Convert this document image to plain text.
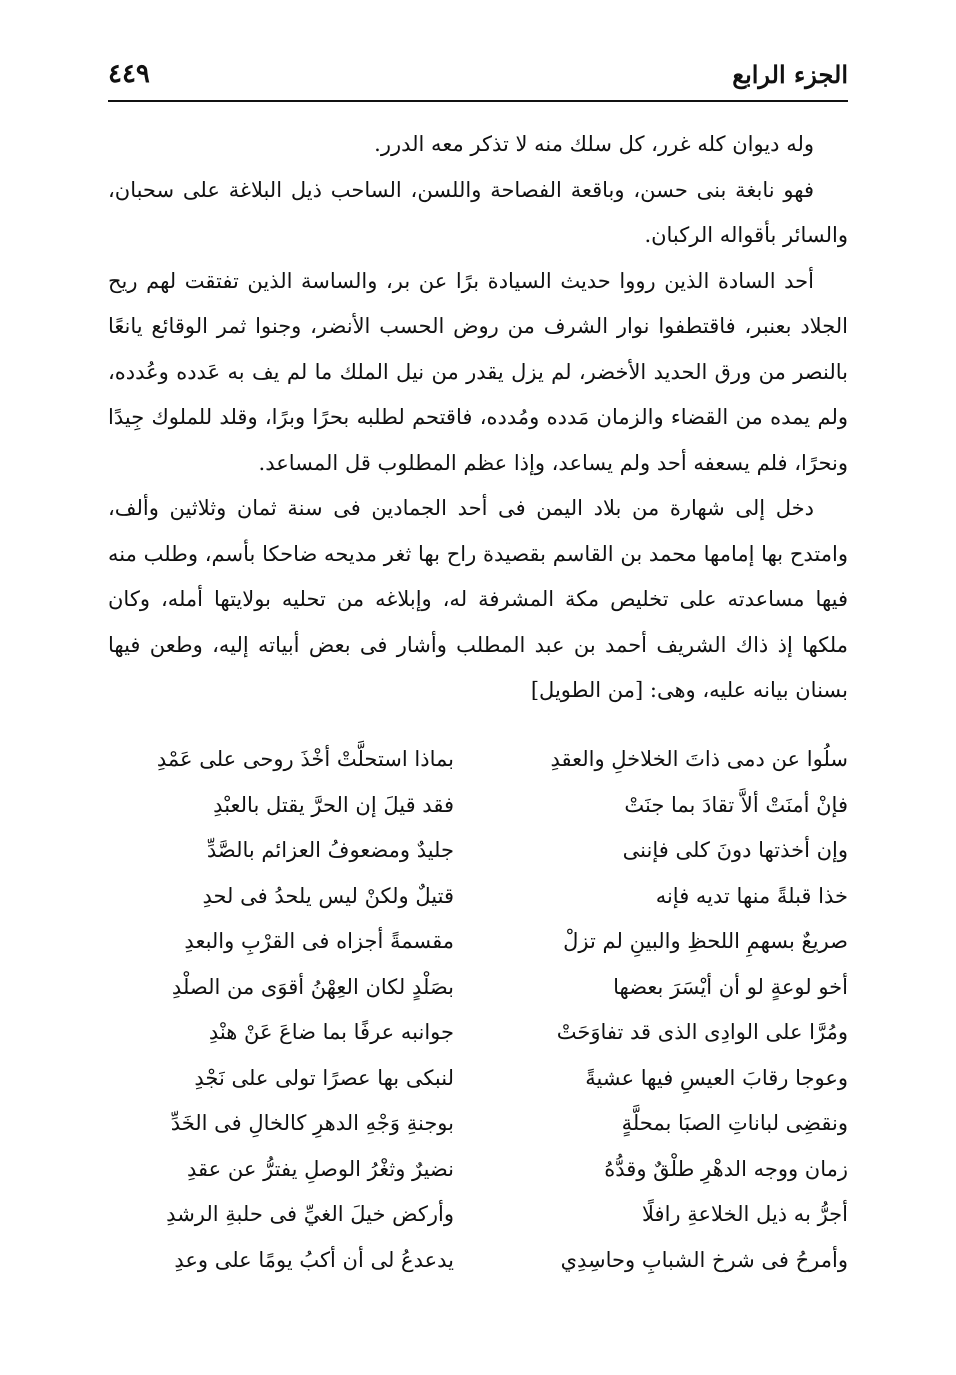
الجزء الرابع
٤٤٩

وله ديوان كله غرر، كل سلك منه لا تذكر معه الدرر.

فهو نابغة بنى حسن، وباقعة الفصاحة واللسن، الساحب ذيل البلاغة على سحبان، والسائر بأقواله الركبان.

أحد السادة الذين رووا حديث السيادة برًا عن بر، والساسة الذين تفتقت لهم ريح الجلاد بعنبر، فاقتطفوا نوار الشرف من روض الحسب الأنضر، وجنوا ثمر الوقائع يانعًا بالنصر من ورق الحديد الأخضر، لم يزل يقدر من نيل الملك ما لم يف به عَدده وعُدده، ولم يمده من القضاء والزمان مَدده ومُدده، فاقتحم لطلبه بحرًا وبرًا، وقلد للملوك جِيدًا ونحرًا، فلم يسعفه أحد ولم يساعد، وإذا عظم المطلوب قل المساعد.

دخل إلى شهارة من بلاد اليمن فى أحد الجمادين فى سنة ثمان وثلاثين وألف، وامتدح بها إمامها محمد بن القاسم بقصيدة راح بها ثغر مديحه ضاحكا بأسم، وطلب منه فيها مساعدته على تخليص مكة المشرفة له، وإبلاغه من تحليه بولايتها أمله، وكان ملكها إذ ذاك الشريف أحمد بن عبد المطلب وأشار فى بعض أبياته إليه، وطعن فيها بسنان بيانه عليه، وهى: [من الطويل]

سلُوا عن دمى ذاتَ الخلاخلِ والعقدِ
بماذا استحلَّتْ أخْذَ روحى على عَمْدِ
فإنْ أمنَتْ ألاَّ تقادَ بما جنَتْ
فقد قيلَ إن الحرَّ يقتل بالعبْدِ
وإن أخذتها دونَ كلى فإننى
جليدٌ ومضعوفُ العزائم بالصَّدِّ
خذا قبلةً منها تديه فإنه
قتيلٌ ولكنْ ليس يلحدُ فى لحدِ
صريعٌ بسهمِ اللحظِ والبينِ لم تزلْ
مقسمةً أجزاه فى القرْبِ والبعدِ
أخو لوعةٍ لو أن أيْسَرَ بعضها
بصَلْدٍ لكان العِهْنُ أقوَى من الصلْدِ
ومُرَّا على الوادِى الذى قد تفاوَحَتْ
جوانبه عرفًا بما ضاعَ عَنْ هنْدِ
وعوجا رقابَ العيسِ فيها عشيةً
لنبكى بها عصرًا تولى على نَجْدِ
ونقضِى لباناتِ الصبَا بمحلَّةٍ
بوجنةِ وَجْهِ الدهرِ كالخالِ فى الخَدِّ
زمان ووجه الدهْرِ طلْقٌ وقدُّهُ
نضيرٌ وثغْرُ الوصلِ يفترُّ عن عقدِ
أجرُّ به ذيل الخلاعةِ رافلًا
وأركض خيلَ الغيِّ فى حلبةِ الرشدِ
وأمرحُ فى شرخ الشبابِ وحاسِدِي
يدعدعُ لى أن أكبُ يومًا على وعدِ
